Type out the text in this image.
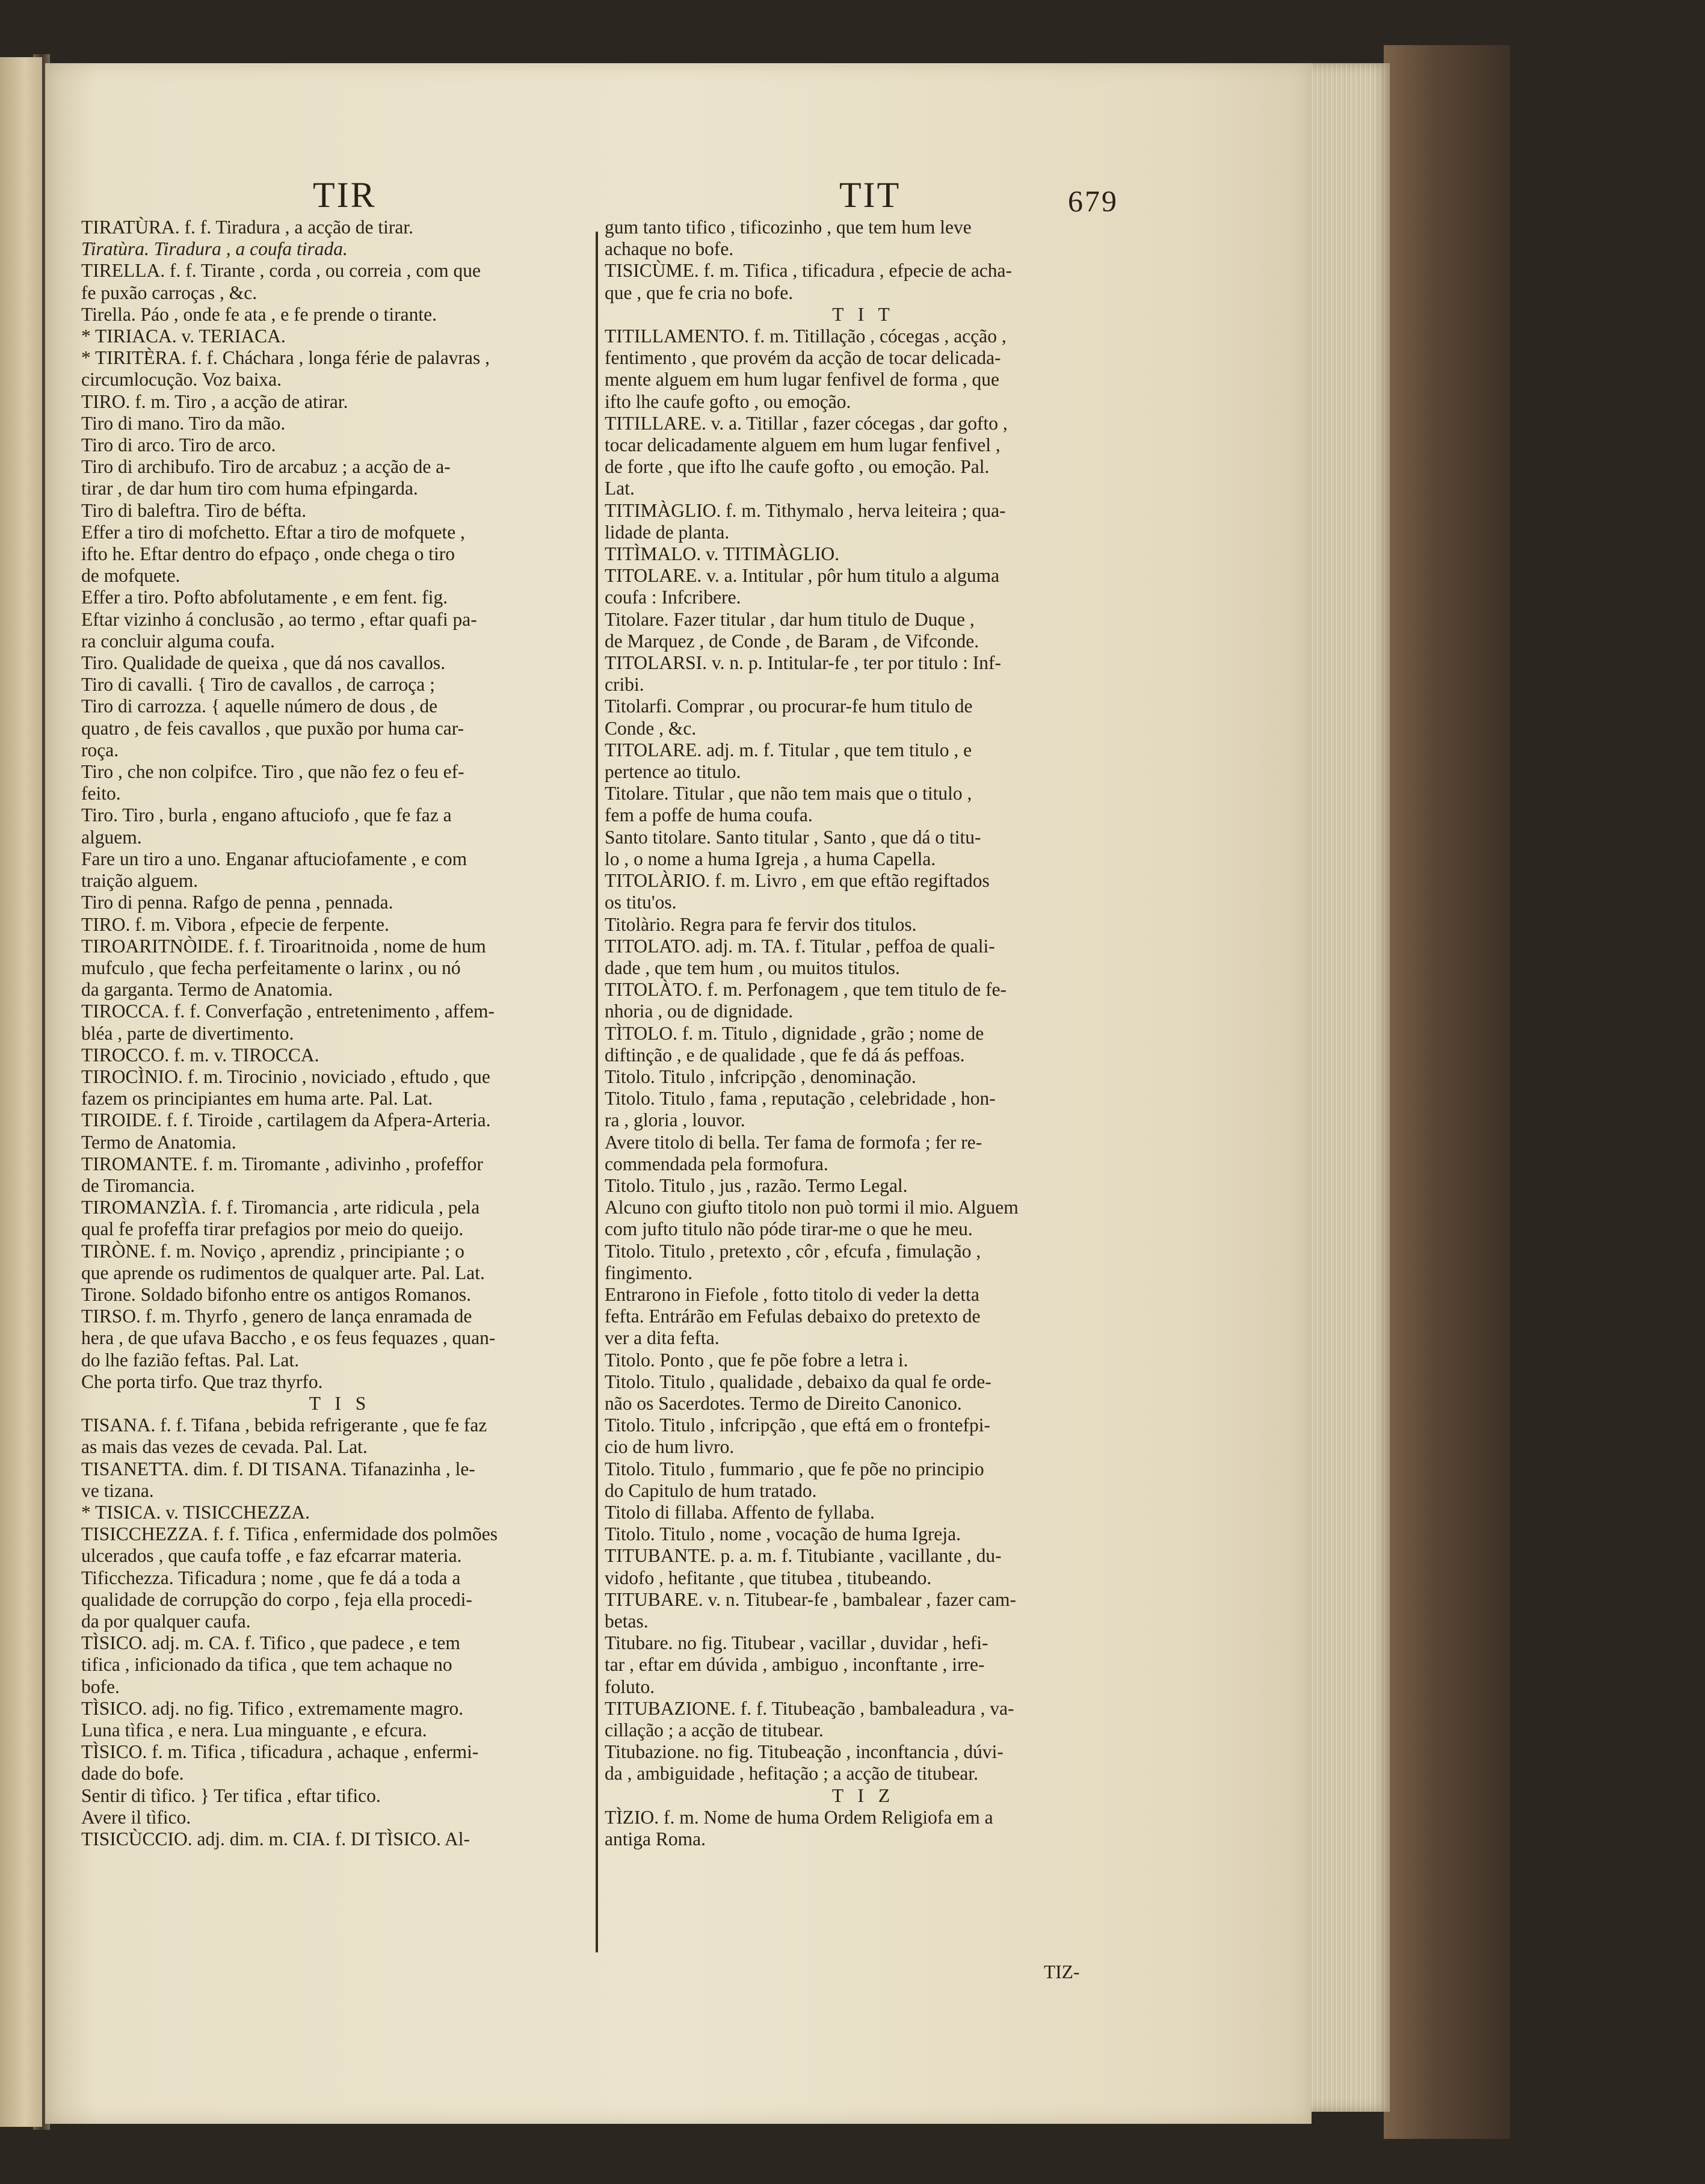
TIR	TIT	679
TIRATÙRA. f. f. Tiradura , a acção de tirar.
Tiratùra. Tiradura , a coufa tirada.
TIRELLA. f. f. Tirante , corda , ou correia , com que
fe puxão carroças , &c.
Tirella. Páo , onde fe ata , e fe prende o tirante.
* TIRIACA. v. TERIACA.
* TIRITÈRA. f. f. Cháchara , longa férie de palavras ,
circumlocução. Voz baixa.
TIRO. f. m. Tiro , a acção de atirar.
Tiro di mano. Tiro da mão.
Tiro di arco. Tiro de arco.
Tiro di archibufo. Tiro de arcabuz ; a acção de a-
tirar , de dar hum tiro com huma efpingarda.
Tiro di baleftra. Tiro de béfta.
Effer a tiro di mofchetto. Eftar a tiro de mofquete ,
ifto he. Eftar dentro do efpaço , onde chega o tiro
de mofquete.
Effer a tiro. Pofto abfolutamente , e em fent. fig.
Eftar vizinho á conclusão , ao termo , eftar quafi pa-
ra concluir alguma coufa.
Tiro. Qualidade de queixa , que dá nos cavallos.
Tiro di cavalli. { Tiro de cavallos , de carroça ;
Tiro di carrozza. { aquelle número de dous , de
quatro , de feis cavallos , que puxão por huma car-
roça.
Tiro , che non colpifce. Tiro , que não fez o feu ef-
feito.
Tiro. Tiro , burla , engano aftuciofo , que fe faz a
alguem.
Fare un tiro a uno. Enganar aftuciofamente , e com
traição alguem.
Tiro di penna. Rafgo de penna , pennada.
TIRO. f. m. Vibora , efpecie de ferpente.
TIROARITNÒIDE. f. f. Tiroaritnoida , nome de hum
mufculo , que fecha perfeitamente o larinx , ou nó
da garganta. Termo de Anatomia.
TIROCCA. f. f. Converfação , entretenimento , affem-
bléa , parte de divertimento.
TIROCCO. f. m. v. TIROCCA.
TIROCÌNIO. f. m. Tirocinio , noviciado , eftudo , que
fazem os principiantes em huma arte. Pal. Lat.
TIROIDE. f. f. Tiroide , cartilagem da Afpera-Arteria.
Termo de Anatomia.
TIROMANTE. f. m. Tiromante , adivinho , profeffor
de Tiromancia.
TIROMANZÌA. f. f. Tiromancia , arte ridicula , pela
qual fe profeffa tirar prefagios por meio do queijo.
TIRÒNE. f. m. Noviço , aprendiz , principiante ; o
que aprende os rudimentos de qualquer arte. Pal. Lat.
Tirone. Soldado bifonho entre os antigos Romanos.
TIRSO. f. m. Thyrfo , genero de lança enramada de
hera , de que ufava Baccho , e os feus fequazes , quan-
do lhe fazião feftas. Pal. Lat.
Che porta tirfo. Que traz thyrfo.
T I S
TISANA. f. f. Tifana , bebida refrigerante , que fe faz
as mais das vezes de cevada. Pal. Lat.
TISANETTA. dim. f. DI TISANA. Tifanazinha , le-
ve tizana.
* TISICA. v. TISICCHEZZA.
TISICCHEZZA. f. f. Tifica , enfermidade dos polmões
ulcerados , que caufa toffe , e faz efcarrar materia.
Tificchezza. Tificadura ; nome , que fe dá a toda a
qualidade de corrupção do corpo , feja ella procedi-
da por qualquer caufa.
TÌSICO. adj. m. CA. f. Tifico , que padece , e tem
tifica , inficionado da tifica , que tem achaque no
bofe.
TÌSICO. adj. no fig. Tifico , extremamente magro.
Luna tìfica , e nera. Lua minguante , e efcura.
TÌSICO. f. m. Tifica , tificadura , achaque , enfermi-
dade do bofe.
Sentir di tìfico. } Ter tifica , eftar tifico.
Avere il tìfico.
TISICÙCCIO. adj. dim. m. CIA. f. DI TÌSICO. Al-
gum tanto tifico , tificozinho , que tem hum leve
achaque no bofe.
TISICÙME. f. m. Tifica , tificadura , efpecie de acha-
que , que fe cria no bofe.
T I T
TITILLAMENTO. f. m. Titillação , cócegas , acção ,
fentimento , que provém da acção de tocar delicada-
mente alguem em hum lugar fenfivel de forma , que
ifto lhe caufe gofto , ou emoção.
TITILLARE. v. a. Titillar , fazer cócegas , dar gofto ,
tocar delicadamente alguem em hum lugar fenfivel ,
de forte , que ifto lhe caufe gofto , ou emoção. Pal.
Lat.
TITIMÀGLIO. f. m. Tithymalo , herva leiteira ; qua-
lidade de planta.
TITÌMALO. v. TITIMÀGLIO.
TITOLARE. v. a. Intitular , pôr hum titulo a alguma
coufa : Infcribere.
Titolare. Fazer titular , dar hum titulo de Duque ,
de Marquez , de Conde , de Baram , de Vifconde.
TITOLARSI. v. n. p. Intitular-fe , ter por titulo : Inf-
cribi.
Titolarfi. Comprar , ou procurar-fe hum titulo de
Conde , &c.
TITOLARE. adj. m. f. Titular , que tem titulo , e
pertence ao titulo.
Titolare. Titular , que não tem mais que o titulo ,
fem a poffe de huma coufa.
Santo titolare. Santo titular , Santo , que dá o titu-
lo , o nome a huma Igreja , a huma Capella.
TITOLÀRIO. f. m. Livro , em que eftão regiftados
os titu'os.
Titolàrio. Regra para fe fervir dos titulos.
TITOLATO. adj. m. TA. f. Titular , peffoa de quali-
dade , que tem hum , ou muitos titulos.
TITOLÀTO. f. m. Perfonagem , que tem titulo de fe-
nhoria , ou de dignidade.
TÌTOLO. f. m. Titulo , dignidade , grão ; nome de
diftinção , e de qualidade , que fe dá ás peffoas.
Titolo. Titulo , infcripção , denominação.
Titolo. Titulo , fama , reputação , celebridade , hon-
ra , gloria , louvor.
Avere titolo di bella. Ter fama de formofa ; fer re-
commendada pela formofura.
Titolo. Titulo , jus , razão. Termo Legal.
Alcuno con giufto titolo non può tormi il mio. Alguem
com jufto titulo não póde tirar-me o que he meu.
Titolo. Titulo , pretexto , côr , efcufa , fimulação ,
fingimento.
Entrarono in Fiefole , fotto titolo di veder la detta
fefta. Entrárão em Fefulas debaixo do pretexto de
ver a dita fefta.
Titolo. Ponto , que fe põe fobre a letra i.
Titolo. Titulo , qualidade , debaixo da qual fe orde-
não os Sacerdotes. Termo de Direito Canonico.
Titolo. Titulo , infcripção , que eftá em o frontefpi-
cio de hum livro.
Titolo. Titulo , fummario , que fe põe no principio
do Capitulo de hum tratado.
Titolo di fillaba. Affento de fyllaba.
Titolo. Titulo , nome , vocação de huma Igreja.
TITUBANTE. p. a. m. f. Titubiante , vacillante , du-
vidofo , hefitante , que titubea , titubeando.
TITUBARE. v. n. Titubear-fe , bambalear , fazer cam-
betas.
Titubare. no fig. Titubear , vacillar , duvidar , hefi-
tar , eftar em dúvida , ambiguo , inconftante , irre-
foluto.
TITUBAZIONE. f. f. Titubeação , bambaleadura , va-
cillação ; a acção de titubear.
Titubazione. no fig. Titubeação , inconftancia , dúvi-
da , ambiguidade , hefitação ; a acção de titubear.
T I Z
TÌZIO. f. m. Nome de huma Ordem Religiofa em a
antiga Roma.
TIZ-
